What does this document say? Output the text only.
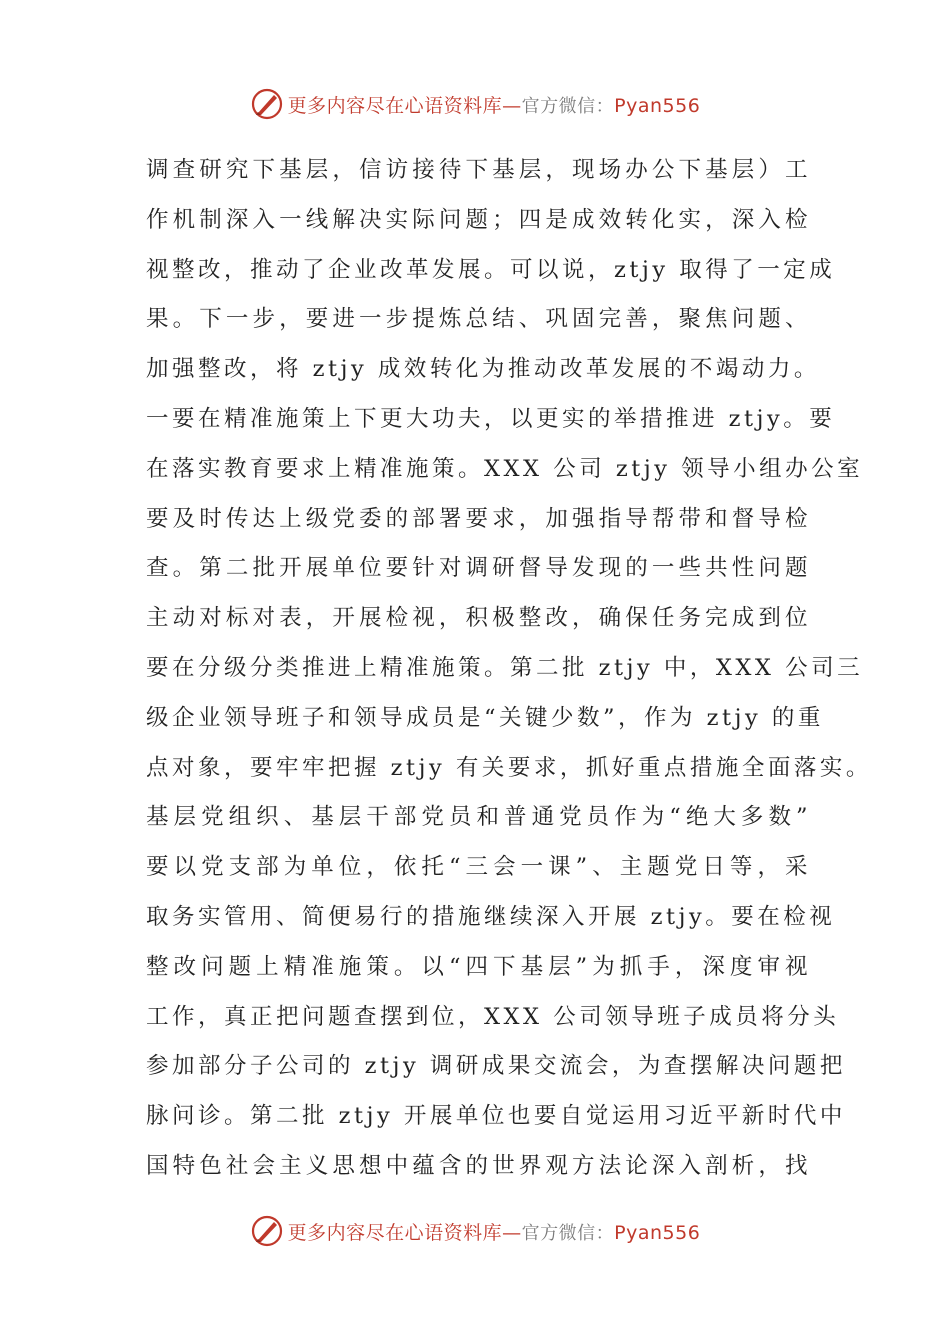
更多内容尽在心语资料库—官方微信：Pyan556
调查研究下基层，信访接待下基层，现场办公下基层）工
作机制深入一线解决实际问题；四是成效转化实，深入检
视整改，推动了企业改革发展。可以说，ztjy 取得了一定成
果。下一步，要进一步提炼总结、巩固完善，聚焦问题、
加强整改，将 ztjy 成效转化为推动改革发展的不竭动力。
一要在精准施策上下更大功夫，以更实的举措推进 ztjy。要
在落实教育要求上精准施策。XXX 公司 ztjy 领导小组办公室
要及时传达上级党委的部署要求，加强指导帮带和督导检
查。第二批开展单位要针对调研督导发现的一些共性问题
主动对标对表，开展检视，积极整改，确保任务完成到位
要在分级分类推进上精准施策。第二批 ztjy 中，XXX 公司三
级企业领导班子和领导成员是“关键少数”，作为 ztjy 的重
点对象，要牢牢把握 ztjy 有关要求，抓好重点措施全面落实。
基层党组织、基层干部党员和普通党员作为“绝大多数”
要以党支部为单位，依托“三会一课”、主题党日等，采
取务实管用、简便易行的措施继续深入开展 ztjy。要在检视
整改问题上精准施策。以“四下基层”为抓手，深度审视
工作，真正把问题查摆到位，XXX 公司领导班子成员将分头
参加部分子公司的 ztjy 调研成果交流会，为查摆解决问题把
脉问诊。第二批 ztjy 开展单位也要自觉运用习近平新时代中
国特色社会主义思想中蕴含的世界观方法论深入剖析，找
更多内容尽在心语资料库—官方微信：Pyan556
